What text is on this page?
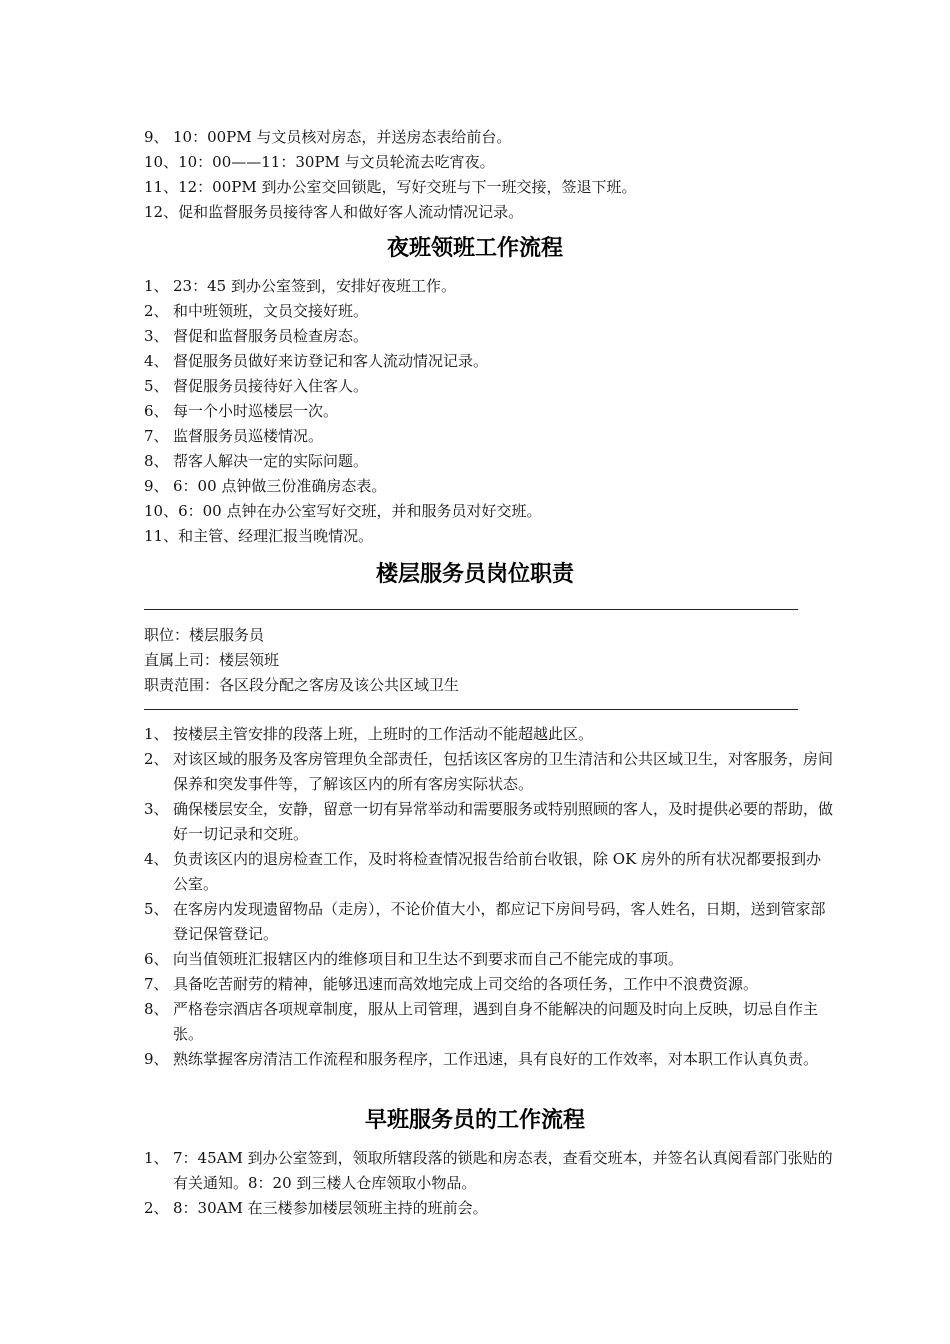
9、 10：00PM 与文员核对房态，并送房态表给前台。
10、10：00——11：30PM 与文员轮流去吃宵夜。
11、12：00PM 到办公室交回锁匙，写好交班与下一班交接，签退下班。
12、促和监督服务员接待客人和做好客人流动情况记录。
夜班领班工作流程
1、 23：45 到办公室签到，安排好夜班工作。
2、 和中班领班，文员交接好班。
3、 督促和监督服务员检查房态。
4、 督促服务员做好来访登记和客人流动情况记录。
5、 督促服务员接待好入住客人。
6、 每一个小时巡楼层一次。
7、 监督服务员巡楼情况。
8、 帮客人解决一定的实际问题。
9、 6：00 点钟做三份准确房态表。
10、6：00 点钟在办公室写好交班，并和服务员对好交班。
11、和主管、经理汇报当晚情况。
楼层服务员岗位职责
职位：楼层服务员
直属上司：楼层领班
职责范围：各区段分配之客房及该公共区域卫生
1、 按楼层主管安排的段落上班，上班时的工作活动不能超越此区。
2、 对该区域的服务及客房管理负全部责任，包括该区客房的卫生清洁和公共区域卫生，对客服务，房间保养和突发事件等，了解该区内的所有客房实际状态。
3、 确保楼层安全，安静，留意一切有异常举动和需要服务或特别照顾的客人，及时提供必要的帮助，做好一切记录和交班。
4、 负责该区内的退房检查工作，及时将检查情况报告给前台收银，除 OK 房外的所有状况都要报到办公室。
5、 在客房内发现遗留物品（走房），不论价值大小，都应记下房间号码，客人姓名，日期，送到管家部登记保管登记。
6、 向当值领班汇报辖区内的维修项目和卫生达不到要求而自己不能完成的事项。
7、 具备吃苦耐劳的精神，能够迅速而高效地完成上司交给的各项任务，工作中不浪费资源。
8、 严格卷宗酒店各项规章制度，服从上司管理，遇到自身不能解决的问题及时向上反映，切忌自作主张。
9、 熟练掌握客房清洁工作流程和服务程序，工作迅速，具有良好的工作效率，对本职工作认真负责。
早班服务员的工作流程
1、 7：45AM 到办公室签到，领取所辖段落的锁匙和房态表，查看交班本，并签名认真阅看部门张贴的有关通知。8：20 到三楼人仓库领取小物品。
2、 8：30AM 在三楼参加楼层领班主持的班前会。
